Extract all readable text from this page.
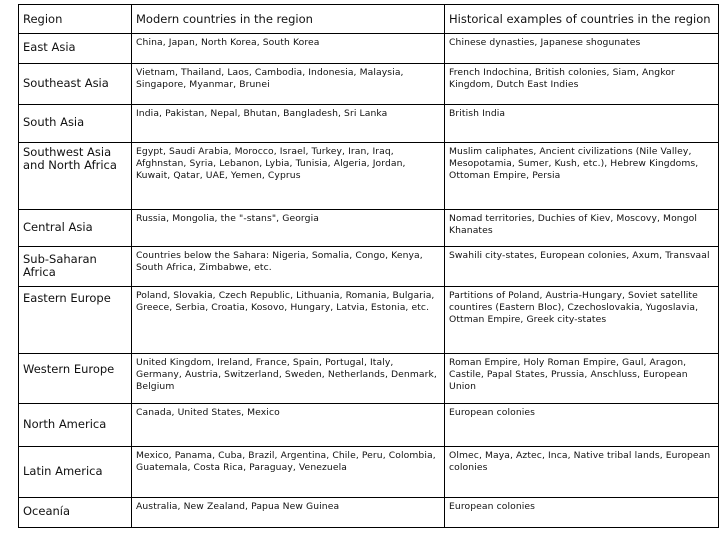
Region	Modern countries in the region	Historical examples of countries in the region
East Asia	China, Japan, North Korea, South Korea	Chinese dynasties, Japanese shogunates
Southeast Asia	Vietnam, Thailand, Laos, Cambodia, Indonesia, Malaysia, Singapore, Myanmar, Brunei	French Indochina, British colonies, Siam, Angkor Kingdom, Dutch East Indies
South Asia	India, Pakistan, Nepal, Bhutan, Bangladesh, Sri Lanka	British India
Southwest Asia and North Africa	Egypt, Saudi Arabia, Morocco, Israel, Turkey, Iran, Iraq, Afghnstan, Syria, Lebanon, Lybia, Tunisia, Algeria, Jordan, Kuwait, Qatar, UAE, Yemen, Cyprus	Muslim caliphates, Ancient civilizations (Nile Valley, Mesopotamia, Sumer, Kush, etc.), Hebrew Kingdoms, Ottoman Empire, Persia
Central Asia	Russia, Mongolia, the "-stans", Georgia	Nomad territories, Duchies of Kiev, Moscovy, Mongol Khanates
Sub-Saharan Africa	Countries below the Sahara: Nigeria, Somalia, Congo, Kenya, South Africa, Zimbabwe, etc.	Swahili city-states, European colonies, Axum, Transvaal
Eastern Europe	Poland, Slovakia, Czech Republic, Lithuania, Romania, Bulgaria, Greece, Serbia, Croatia, Kosovo, Hungary, Latvia, Estonia, etc.	Partitions of Poland, Austria-Hungary, Soviet satellite countires (Eastern Bloc), Czechoslovakia, Yugoslavia, Ottman Empire, Greek city-states
Western Europe	United Kingdom, Ireland, France, Spain, Portugal, Italy, Germany, Austria, Switzerland, Sweden, Netherlands, Denmark, Belgium	Roman Empire, Holy Roman Empire, Gaul, Aragon, Castile, Papal States, Prussia, Anschluss, European Union
North America	Canada, United States, Mexico	European colonies
Latin America	Mexico, Panama, Cuba, Brazil, Argentina, Chile, Peru, Colombia, Guatemala, Costa Rica, Paraguay, Venezuela	Olmec, Maya, Aztec, Inca, Native tribal lands, European colonies
Oceanía	Australia, New Zealand, Papua New Guinea	European colonies
